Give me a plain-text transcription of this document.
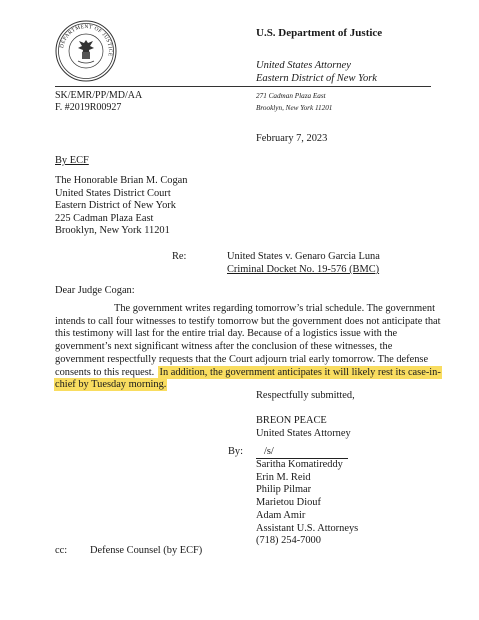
DEPARTMENT OF JUSTICE
U.S. Department of Justice
United States Attorney
Eastern District of New York
SK/EMR/PP/MD/AA
F. #2019R00927
271 Cadman Plaza East
Brooklyn, New York 11201
February 7, 2023
By ECF
The Honorable Brian M. Cogan
United States District Court
Eastern District of New York
225 Cadman Plaza East
Brooklyn, New York 11201
Re:	United States v. Genaro Garcia Luna
Criminal Docket No. 19-576 (BMC)
Dear Judge Cogan:
The government writes regarding tomorrow’s trial schedule. The government
intends to call four witnesses to testify tomorrow but the government does not anticipate that
this testimony will last for the entire trial day. Because of a logistics issue with the
government’s next significant witness after the conclusion of these witnesses, the
government respectfully requests that the Court adjourn trial early tomorrow. The defense
consents to this request.  In addition, the government anticipates it will likely rest its case-in-
chief by Tuesday morning.
Respectfully submitted,
BREON PEACE
United States Attorney
By: /s/
Saritha Komatireddy
Erin M. Reid
Philip Pilmar
Marietou Diouf
Adam Amir
Assistant U.S. Attorneys
(718) 254-7000
cc: Defense Counsel (by ECF)
